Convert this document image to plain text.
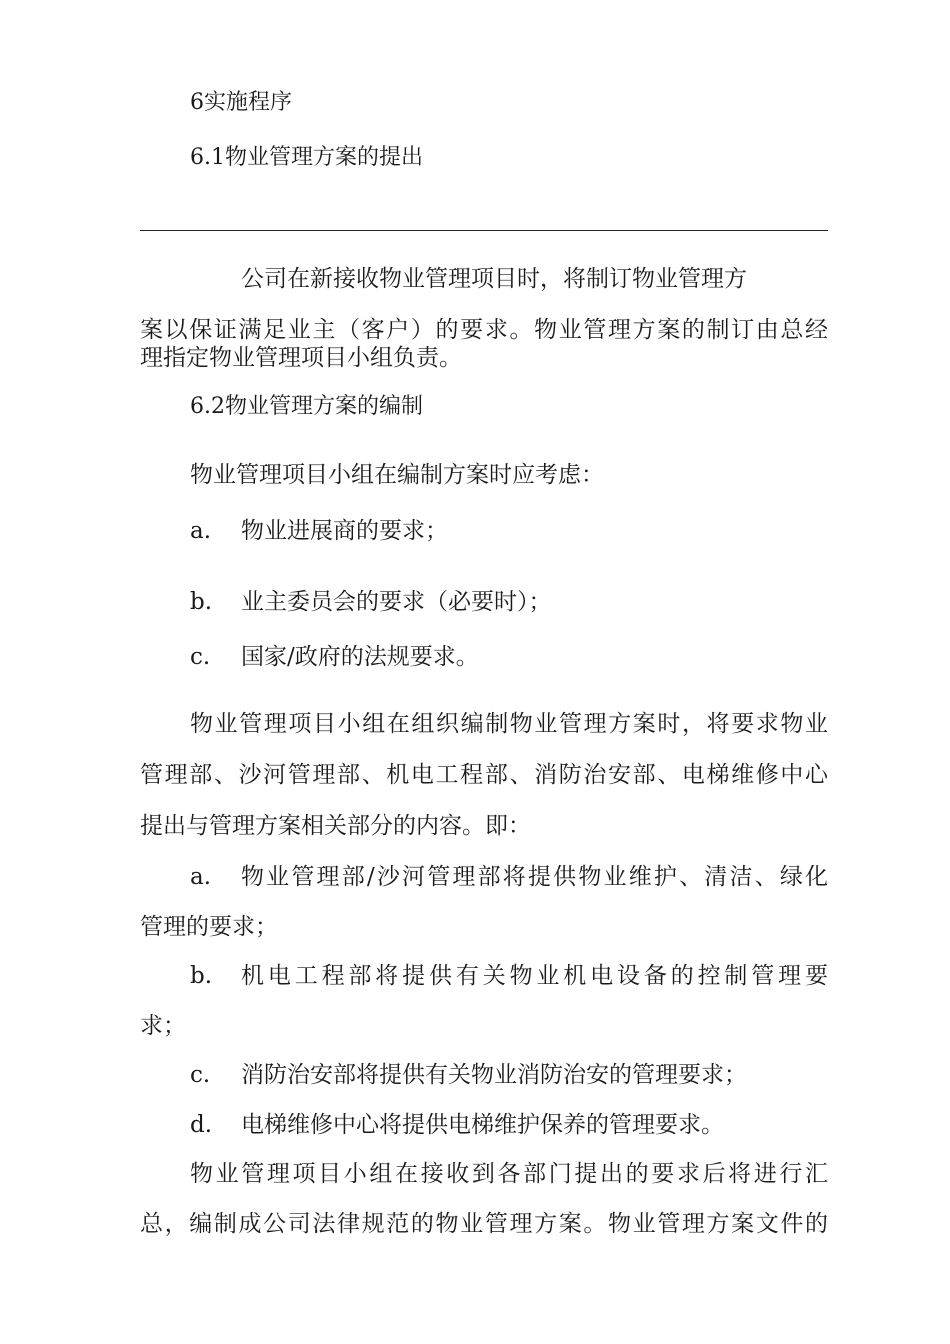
6实施程序
6.1物业管理方案的提出
公司在新接收物业管理项目时，将制订物业管理方
案以保证满足业主（客户）的要求。物业管理方案的制订由总经
理指定物业管理项目小组负责。
6.2物业管理方案的编制
物业管理项目小组在编制方案时应考虑：
a. 物业进展商的要求；
b. 业主委员会的要求（必要时）；
c. 国家/政府的法规要求。
物业管理项目小组在组织编制物业管理方案时，将要求物业
管理部、沙河管理部、机电工程部、消防治安部、电梯维修中心
提出与管理方案相关部分的内容。即：
a. 物业管理部/沙河管理部将提供物业维护、清洁、绿化
管理的要求；
b. 机电工程部将提供有关物业机电设备的控制管理要
求；
c. 消防治安部将提供有关物业消防治安的管理要求；
d. 电梯维修中心将提供电梯维护保养的管理要求。
物业管理项目小组在接收到各部门提出的要求后将进行汇
总，编制成公司法律规范的物业管理方案。物业管理方案文件的
